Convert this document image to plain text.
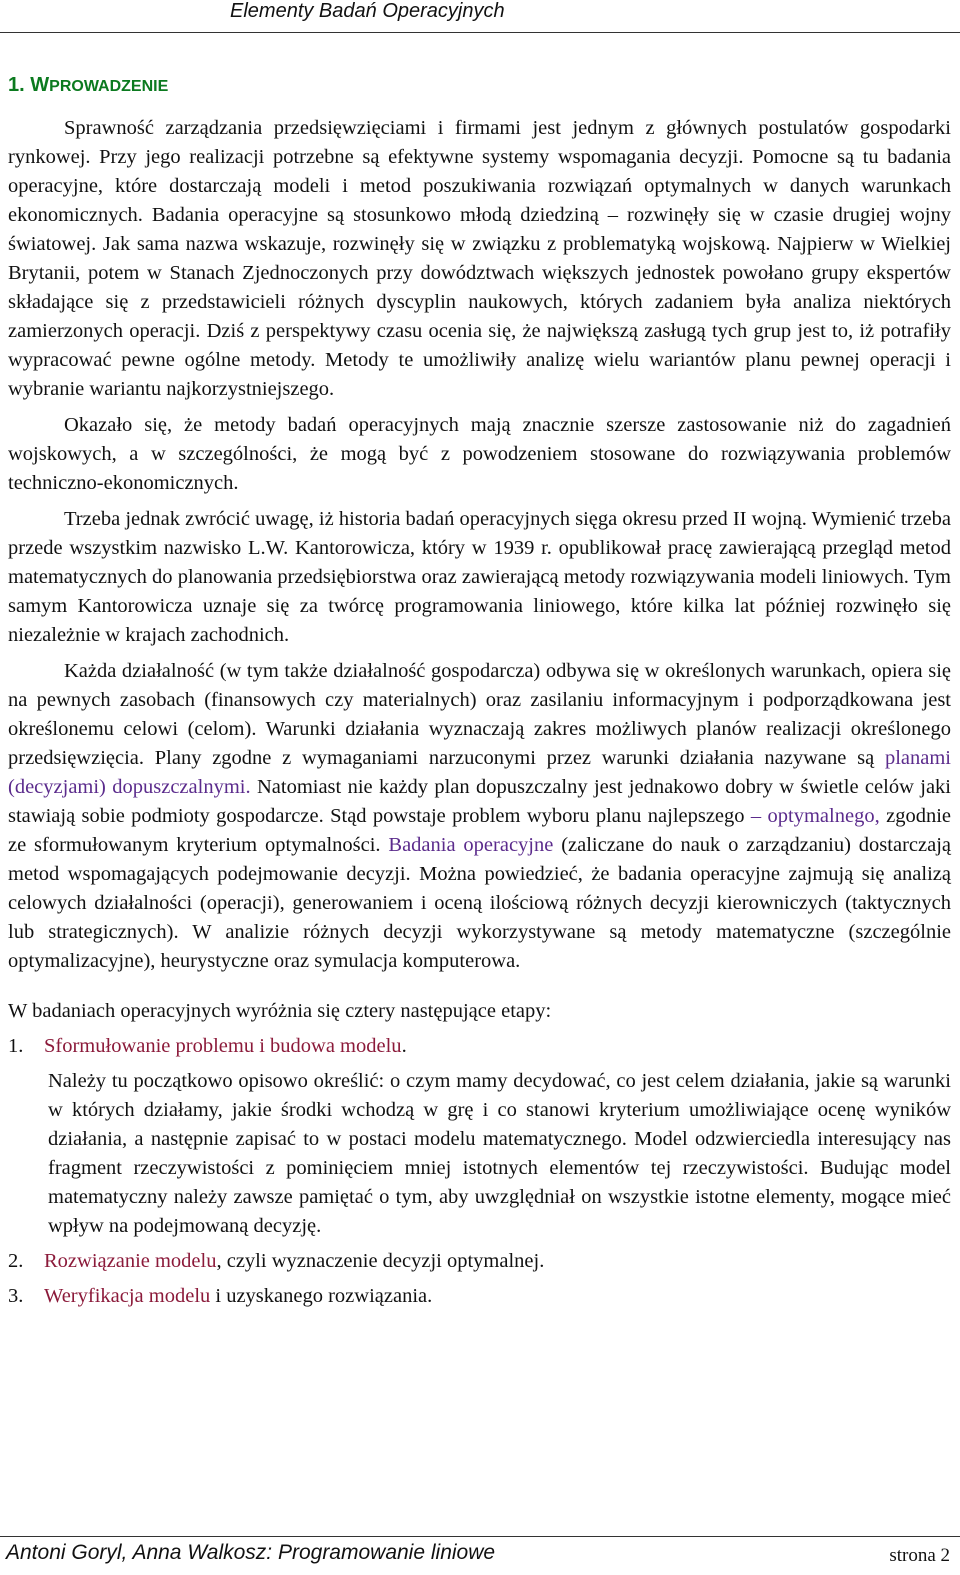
Elementy Badań Operacyjnych
1. WPROWADZENIE

Sprawność zarządzania przedsięwzięciami i firmami jest jednym z głównych postulatów gospodarki rynkowej. Przy jego realizacji potrzebne są efektywne systemy wspomagania decyzji. Pomocne są tu badania operacyjne, które dostarczają modeli i metod poszukiwania rozwiązań optymalnych w danych warunkach ekonomicznych. Badania operacyjne są stosunkowo młodą dziedziną – rozwinęły się w czasie drugiej wojny światowej. Jak sama nazwa wskazuje, rozwinęły się w związku z problematyką wojskową. Najpierw w Wielkiej Brytanii, potem w Stanach Zjednoczonych przy dowództwach większych jednostek powołano grupy ekspertów składające się z przedstawicieli różnych dyscyplin naukowych, których zadaniem była analiza niektórych zamierzonych operacji. Dziś z perspektywy czasu ocenia się, że największą zasługą tych grup jest to, iż potrafiły wypracować pewne ogólne metody. Metody te umożliwiły analizę wielu wariantów planu pewnej operacji i wybranie wariantu najkorzystniejszego.

Okazało się, że metody badań operacyjnych mają znacznie szersze zastosowanie niż do zagadnień wojskowych, a w szczególności, że mogą być z powodzeniem stosowane do rozwiązywania problemów techniczno-ekonomicznych.

Trzeba jednak zwrócić uwagę, iż historia badań operacyjnych sięga okresu przed II wojną. Wymienić trzeba przede wszystkim nazwisko L.W. Kantorowicza, który w 1939 r. opublikował pracę zawierającą przegląd metod matematycznych do planowania przedsiębiorstwa oraz zawierającą metody rozwiązywania modeli liniowych. Tym samym Kantorowicza uznaje się za twórcę programowania liniowego, które kilka lat później rozwinęło się niezależnie w krajach zachodnich.

Każda działalność (w tym także działalność gospodarcza) odbywa się w określonych warunkach, opiera się na pewnych zasobach (finansowych czy materialnych) oraz zasilaniu informacyjnym i podporządkowana jest określonemu celowi (celom). Warunki działania wyznaczają zakres możliwych planów realizacji określonego przedsięwzięcia. Plany zgodne z wymaganiami narzuconymi przez warunki działania nazywane są planami (decyzjami) dopuszczalnymi. Natomiast nie każdy plan dopuszczalny jest jednakowo dobry w świetle celów jaki stawiają sobie podmioty gospodarcze. Stąd powstaje problem wyboru planu najlepszego – optymalnego, zgodnie ze sformułowanym kryterium optymalności. Badania operacyjne (zaliczane do nauk o zarządzaniu) dostarczają metod wspomagających podejmowanie decyzji. Można powiedzieć, że badania operacyjne zajmują się analizą celowych działalności (operacji), generowaniem i oceną ilościową różnych decyzji kierowniczych (taktycznych lub strategicznych). W analizie różnych decyzji wykorzystywane są metody matematyczne (szczególnie optymalizacyjne), heurystyczne oraz symulacja komputerowa.

W badaniach operacyjnych wyróżnia się cztery następujące etapy:

1.	Sformułowanie problemu i budowa modelu.

Należy tu początkowo opisowo określić: o czym mamy decydować, co jest celem działania, jakie są warunki w których działamy, jakie środki wchodzą w grę i co stanowi kryterium umożliwiające ocenę wyników działania, a następnie zapisać to w postaci modelu matematycznego. Model odzwierciedla interesujący nas fragment rzeczywistości z pominięciem mniej istotnych elementów tej rzeczywistości. Budując model matematyczny należy zawsze pamiętać o tym, aby uwzględniał on wszystkie istotne elementy, mogące mieć wpływ na podejmowaną decyzję.

2.	Rozwiązanie modelu, czyli wyznaczenie decyzji optymalnej.
3.	Weryfikacja modelu i uzyskanego rozwiązania.
Antoni Goryl, Anna Walkosz: Programowanie liniowe	strona 2
